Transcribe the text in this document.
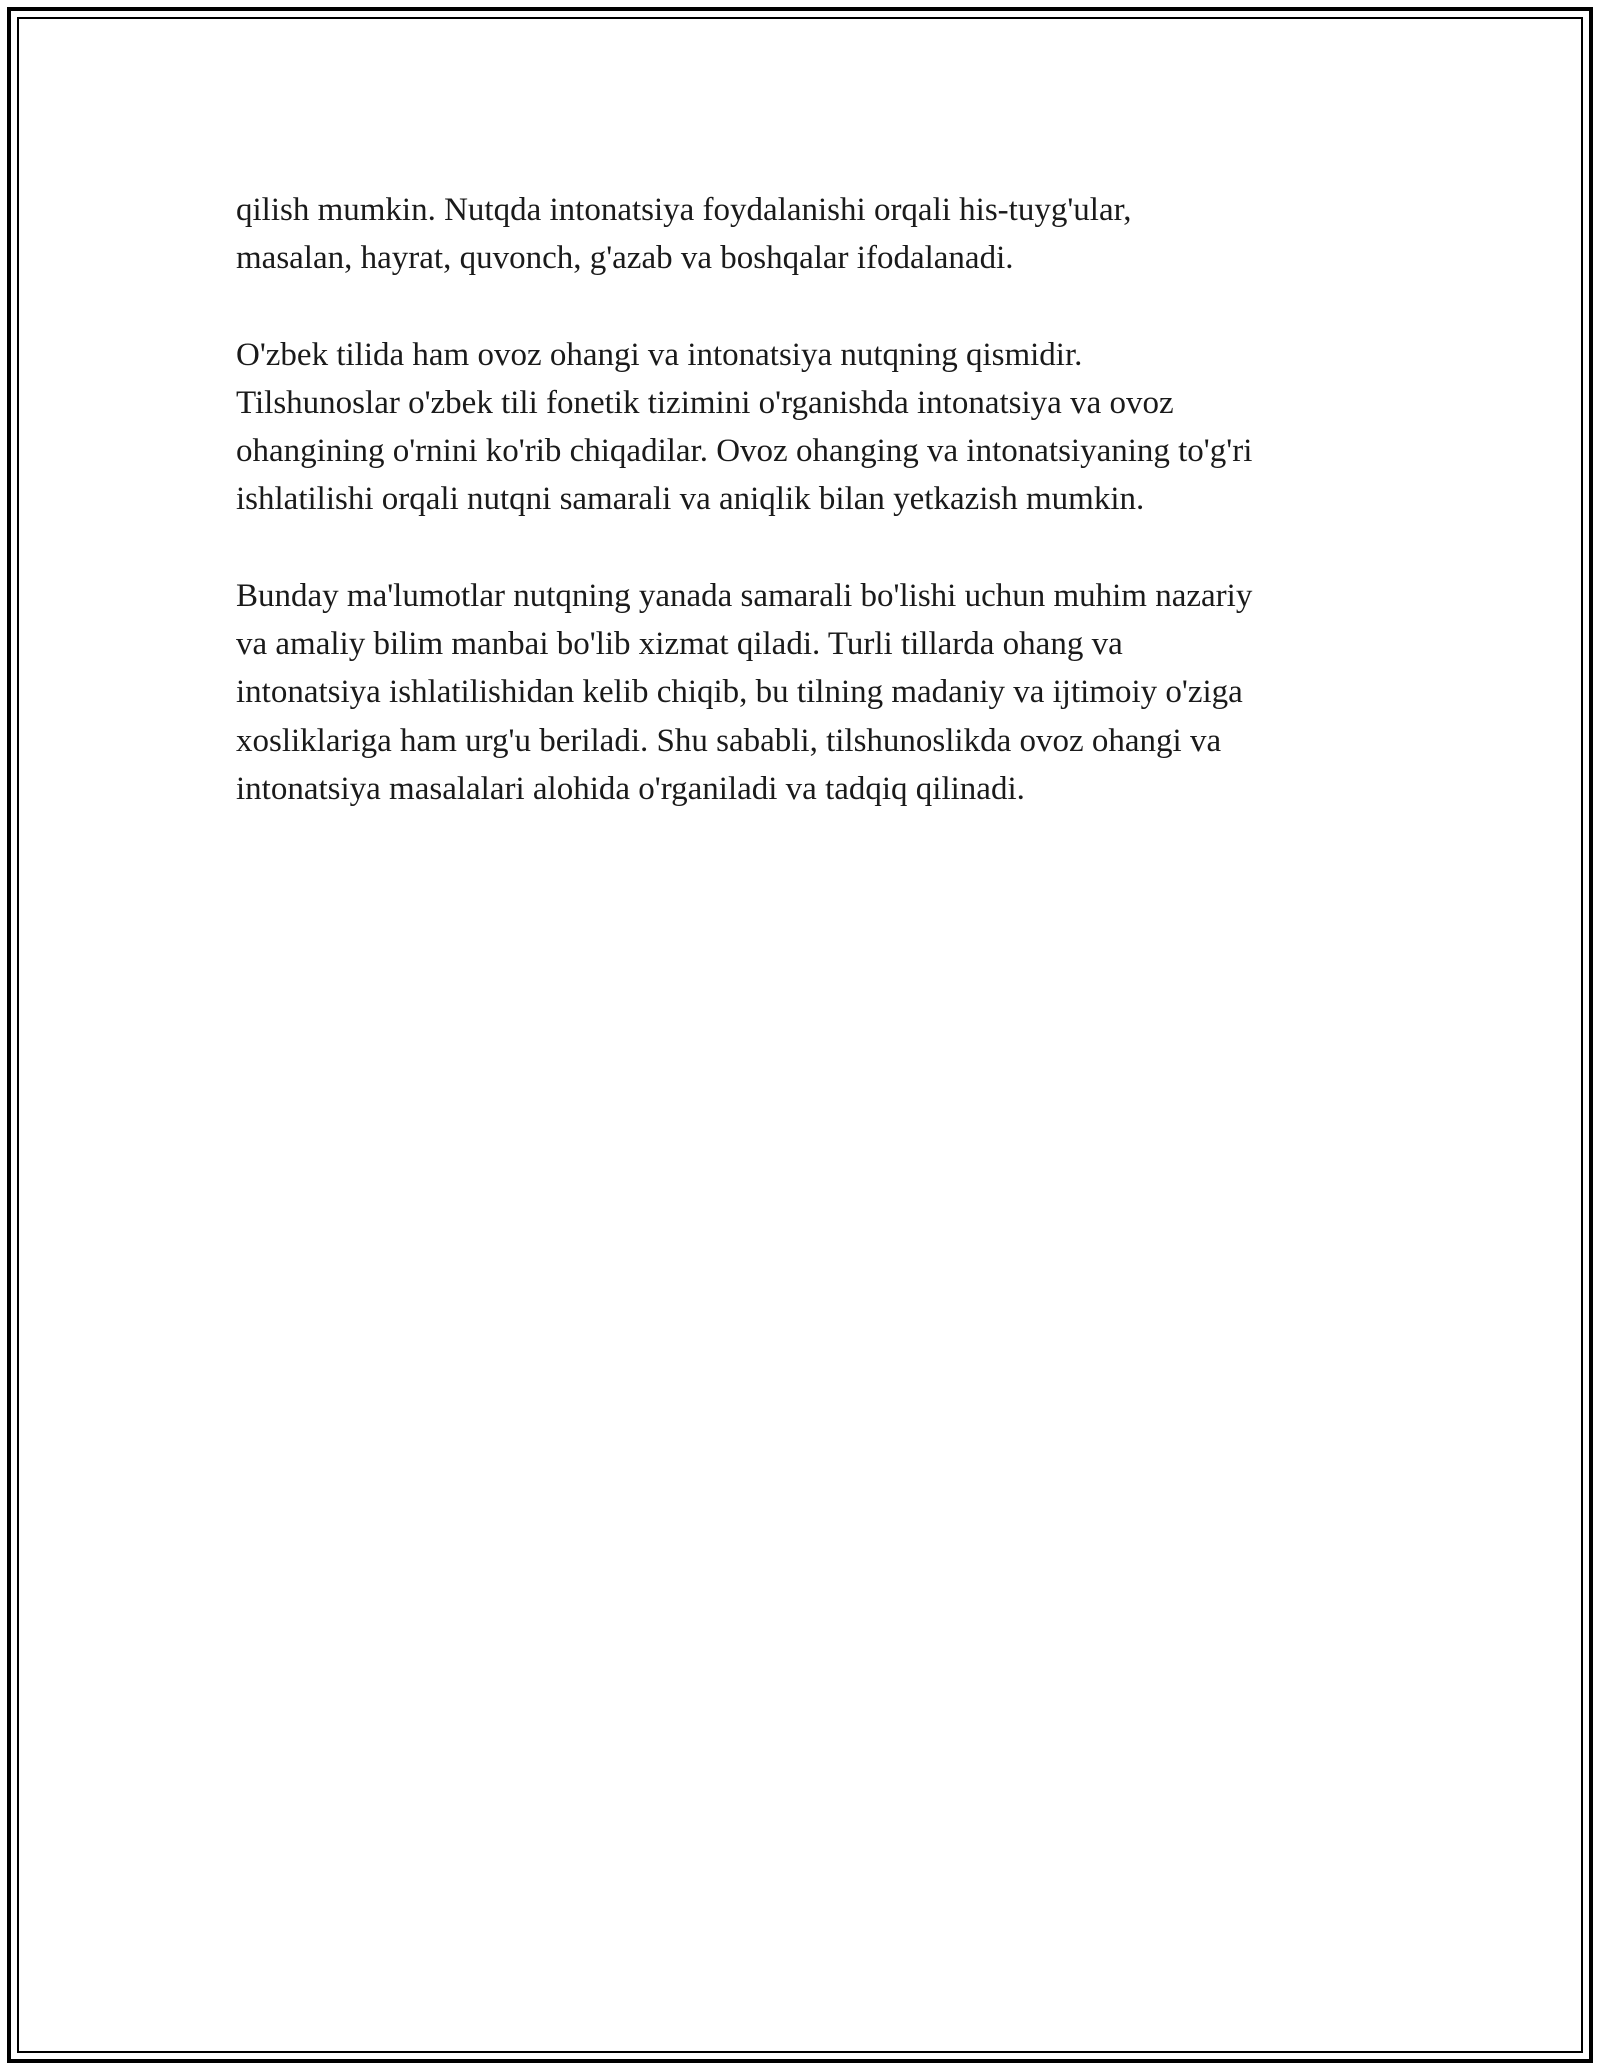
qilish mumkin. Nutqda intonatsiya foydalanishi orqali his-tuyg'ular,
masalan, hayrat, quvonch, g'azab va boshqalar ifodalanadi.

O'zbek tilida ham ovoz ohangi va intonatsiya nutqning qismidir.
Tilshunoslar o'zbek tili fonetik tizimini o'rganishda intonatsiya va ovoz
ohangining o'rnini ko'rib chiqadilar. Ovoz ohanging va intonatsiyaning to'g'ri
ishlatilishi orqali nutqni samarali va aniqlik bilan yetkazish mumkin.

Bunday ma'lumotlar nutqning yanada samarali bo'lishi uchun muhim nazariy
va amaliy bilim manbai bo'lib xizmat qiladi. Turli tillarda ohang va
intonatsiya ishlatilishidan kelib chiqib, bu tilning madaniy va ijtimoiy o'ziga
xosliklariga ham urg'u beriladi. Shu sababli, tilshunoslikda ovoz ohangi va
intonatsiya masalalari alohida o'rganiladi va tadqiq qilinadi.
